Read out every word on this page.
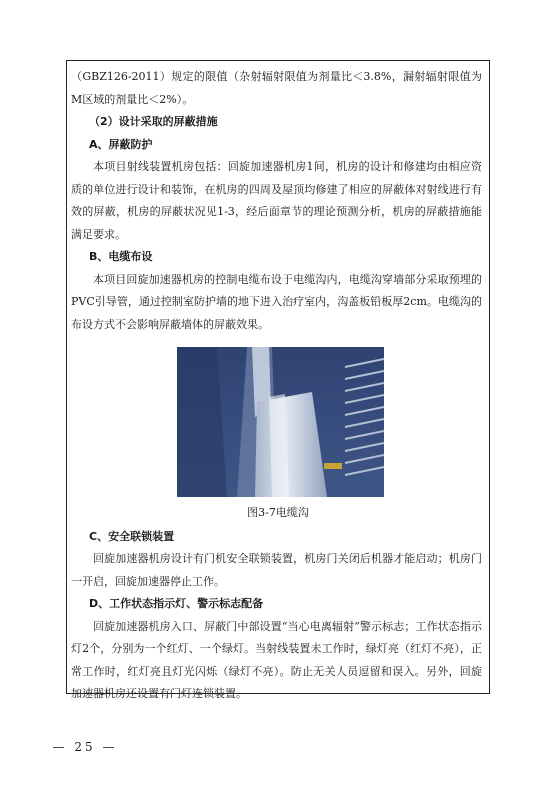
（GBZ126-2011）规定的限值（杂射辐射限值为剂量比＜3.8%，漏射辐射限值为M区域的剂量比＜2%）。

（2）设计采取的屏蔽措施

A、屏蔽防护

本项目射线装置机房包括：回旋加速器机房1间，机房的设计和修建均由相应资质的单位进行设计和装饰，在机房的四周及屋顶均修建了相应的屏蔽体对射线进行有效的屏蔽，机房的屏蔽状况见1-3，经后面章节的理论预测分析，机房的屏蔽措施能满足要求。

B、电缆布设

本项目回旋加速器机房的控制电缆布设于电缆沟内，电缆沟穿墙部分采取预埋的PVC引导管，通过控制室防护墙的地下进入治疗室内，沟盖板铅板厚2cm。电缆沟的布设方式不会影响屏蔽墙体的屏蔽效果。

图3-7电缆沟

C、安全联锁装置

回旋加速器机房设计有门机安全联锁装置，机房门关闭后机器才能启动；机房门一开启，回旋加速器停止工作。

D、工作状态指示灯、警示标志配备

回旋加速器机房入口、屏蔽门中部设置“当心电离辐射”警示标志；工作状态指示灯2个，分别为一个红灯、一个绿灯。当射线装置未工作时，绿灯亮（红灯不亮），正常工作时，红灯亮且灯光闪烁（绿灯不亮）。防止无关人员逗留和误入。另外，回旋加速器机房还设置有门灯连锁装置。

— 25 —
